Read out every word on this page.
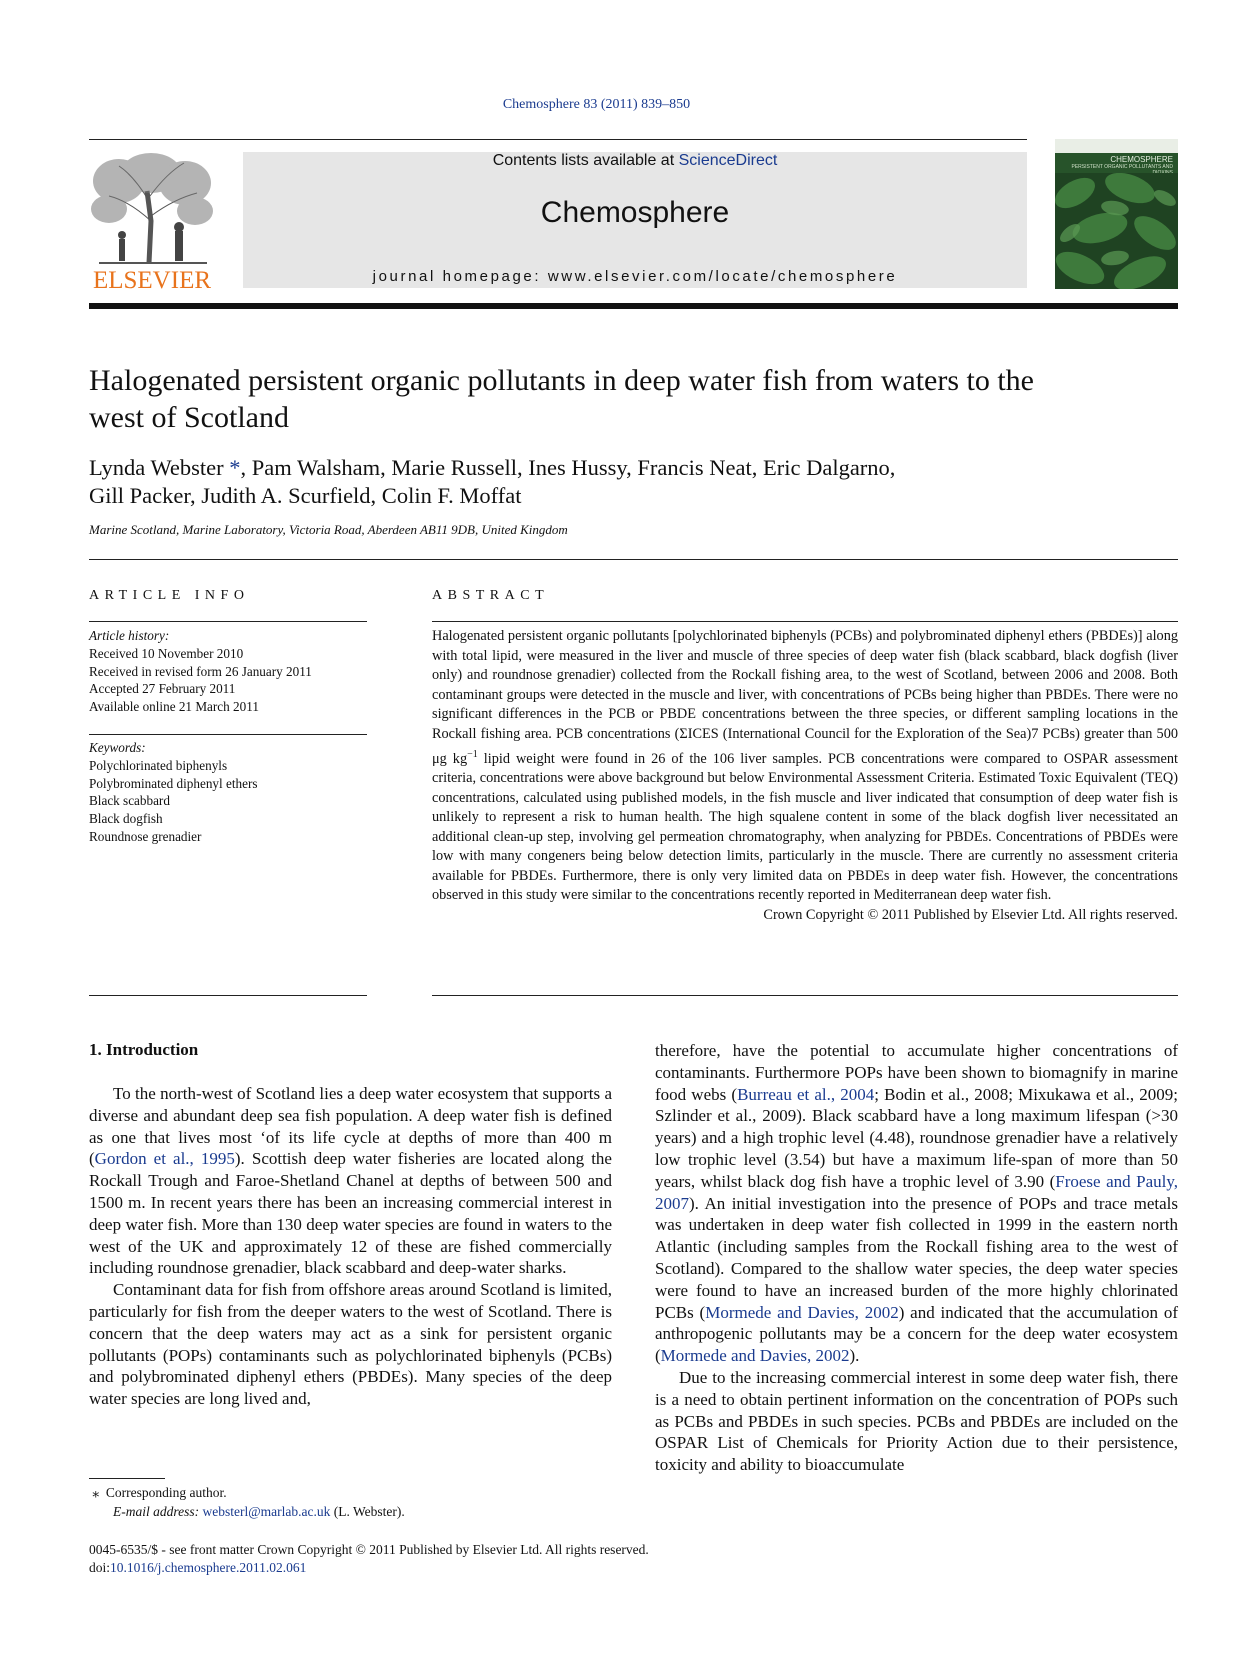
Chemosphere 83 (2011) 839–850
ELSEVIER
Contents lists available at ScienceDirect
Chemosphere
journal homepage: www.elsevier.com/locate/chemosphere
CHEMOSPHERE
PERSISTENT ORGANIC POLLUTANTS AND
Halogenated persistent organic pollutants in deep water fish from waters to the west of Scotland
Lynda Webster *, Pam Walsham, Marie Russell, Ines Hussy, Francis Neat, Eric Dalgarno,
Gill Packer, Judith A. Scurfield, Colin F. Moffat
Marine Scotland, Marine Laboratory, Victoria Road, Aberdeen AB11 9DB, United Kingdom
ARTICLE INFO	ABSTRACT
Article history:
Received 10 November 2010
Received in revised form 26 January 2011
Accepted 27 February 2011
Available online 21 March 2011
Keywords:
Polychlorinated biphenyls
Polybrominated diphenyl ethers
Black scabbard
Black dogfish
Roundnose grenadier
Halogenated persistent organic pollutants [polychlorinated biphenyls (PCBs) and polybrominated diphenyl ethers (PBDEs)] along with total lipid, were measured in the liver and muscle of three species of deep water fish (black scabbard, black dogfish (liver only) and roundnose grenadier) collected from the Rockall fishing area, to the west of Scotland, between 2006 and 2008. Both contaminant groups were detected in the muscle and liver, with concentrations of PCBs being higher than PBDEs. There were no significant differences in the PCB or PBDE concentrations between the three species, or different sampling locations in the Rockall fishing area. PCB concentrations (ΣICES (International Council for the Exploration of the Sea)7 PCBs) greater than 500 μg $kg^{-1}$ lipid weight were found in 26 of the 106 liver samples. PCB concentrations were compared to OSPAR assessment criteria, concentrations were above background but below Environmental Assessment Criteria. Estimated Toxic Equivalent (TEQ) concentrations, calculated using published models, in the fish muscle and liver indicated that consumption of deep water fish is unlikely to represent a risk to human health. The high squalene content in some of the black dogfish liver necessitated an additional clean-up step, involving gel permeation chromatography, when analyzing for PBDEs. Concentrations of PBDEs were low with many congeners being below detection limits, particularly in the muscle. There are currently no assessment criteria available for PBDEs. Furthermore, there is only very limited data on PBDEs in deep water fish. However, the concentrations observed in this study were similar to the concentrations recently reported in Mediterranean deep water fish.
Crown Copyright © 2011 Published by Elsevier Ltd. All rights reserved.
1. Introduction

To the north-west of Scotland lies a deep water ecosystem that supports a diverse and abundant deep sea fish population. A deep water fish is defined as one that lives most ‘of its life cycle at depths of more than 400 m (Gordon et al., 1995). Scottish deep water fisheries are located along the Rockall Trough and Faroe-Shetland Chanel at depths of between 500 and 1500 m. In recent years there has been an increasing commercial interest in deep water fish. More than 130 deep water species are found in waters to the west of the UK and approximately 12 of these are fished commercially including roundnose grenadier, black scabbard and deep-water sharks.

Contaminant data for fish from offshore areas around Scotland is limited, particularly for fish from the deeper waters to the west of Scotland. There is concern that the deep waters may act as a sink for persistent organic pollutants (POPs) contaminants such as polychlorinated biphenyls (PCBs) and polybrominated diphenyl ethers (PBDEs). Many species of the deep water species are long lived and,

therefore, have the potential to accumulate higher concentrations of contaminants. Furthermore POPs have been shown to biomagnify in marine food webs (Burreau et al., 2004; Bodin et al., 2008; Mixukawa et al., 2009; Szlinder et al., 2009). Black scabbard have a long maximum lifespan (>30 years) and a high trophic level (4.48), roundnose grenadier have a relatively low trophic level (3.54) but have a maximum life-span of more than 50 years, whilst black dog fish have a trophic level of 3.90 (Froese and Pauly, 2007). An initial investigation into the presence of POPs and trace metals was undertaken in deep water fish collected in 1999 in the eastern north Atlantic (including samples from the Rockall fishing area to the west of Scotland). Compared to the shallow water species, the deep water species were found to have an increased burden of the more highly chlorinated PCBs (Mormede and Davies, 2002) and indicated that the accumulation of anthropogenic pollutants may be a concern for the deep water ecosystem (Mormede and Davies, 2002).

Due to the increasing commercial interest in some deep water fish, there is a need to obtain pertinent information on the concentration of POPs such as PCBs and PBDEs in such species. PCBs and PBDEs are included on the OSPAR List of Chemicals for Priority Action due to their persistence, toxicity and ability to bioaccumulate

⁎ Corresponding author.
E-mail address: websterl@marlab.ac.uk (L. Webster).
0045-6535/$ - see front matter Crown Copyright © 2011 Published by Elsevier Ltd. All rights reserved.
doi:10.1016/j.chemosphere.2011.02.061
